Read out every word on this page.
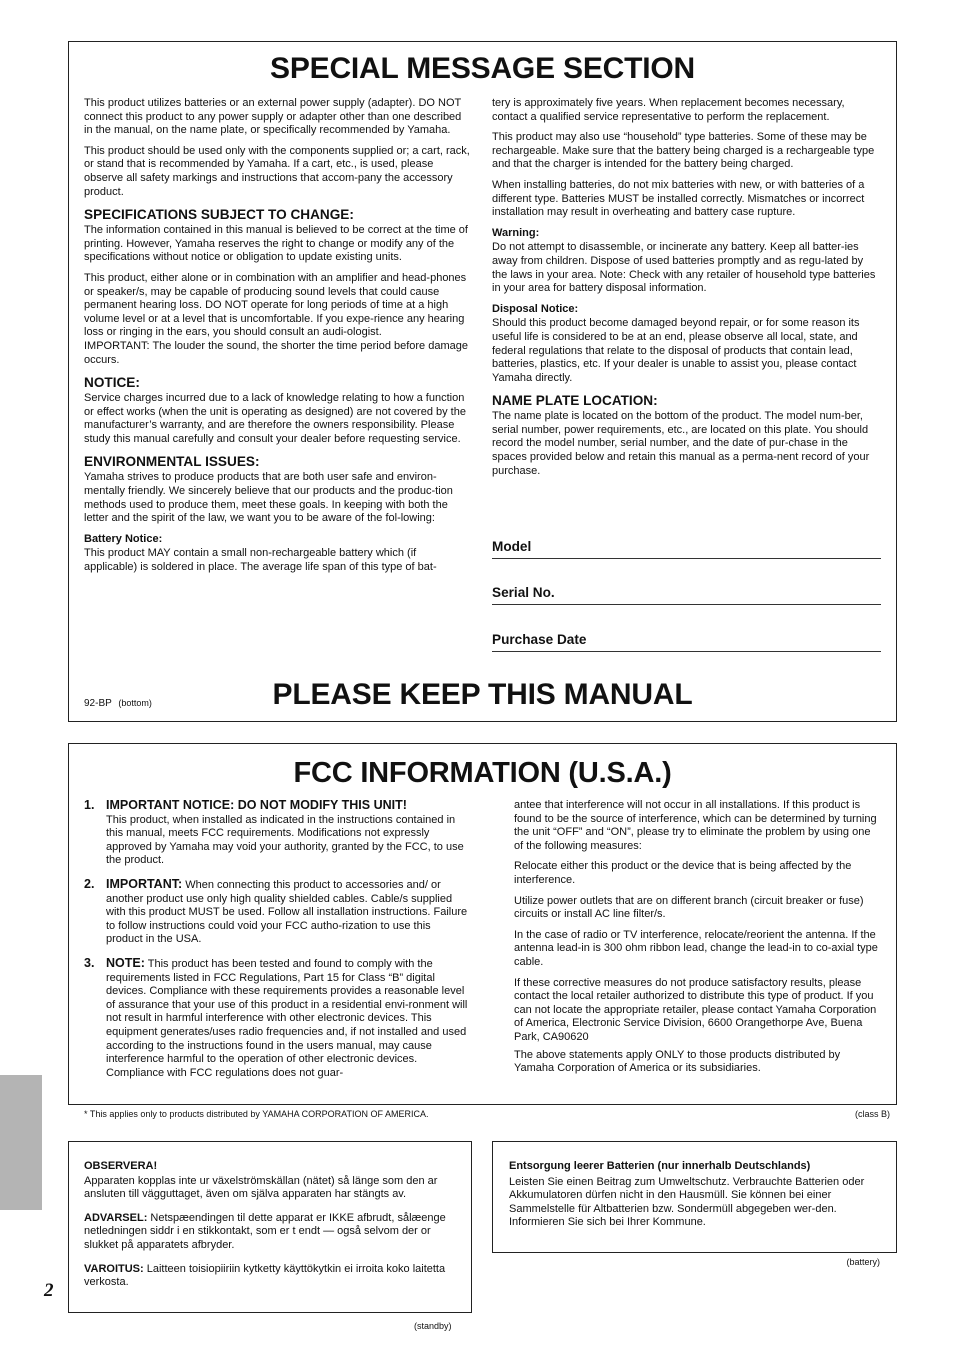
2
SPECIAL MESSAGE SECTION

This product utilizes batteries or an external power supply (adapter). DO NOT connect this product to any power supply or adapter other than one described in the manual, on the name plate, or specifically recommended by Yamaha.

This product should be used only with the components supplied or; a cart, rack, or stand that is recommended by Yamaha. If a cart, etc., is used, please observe all safety markings and instructions that accom-pany the accessory product.

SPECIFICATIONS SUBJECT TO CHANGE:

The information contained in this manual is believed to be correct at the time of printing. However, Yamaha reserves the right to change or modify any of the specifications without notice or obligation to update existing units.

This product, either alone or in combination with an amplifier and head-phones or speaker/s, may be capable of producing sound levels that could cause permanent hearing loss. DO NOT operate for long periods of time at a high volume level or at a level that is uncomfortable. If you expe-rience any hearing loss or ringing in the ears, you should consult an audi-ologist.

IMPORTANT: The louder the sound, the shorter the time period before damage occurs.

NOTICE:

Service charges incurred due to a lack of knowledge relating to how a function or effect works (when the unit is operating as designed) are not covered by the manufacturer’s warranty, and are therefore the owners responsibility. Please study this manual carefully and consult your dealer before requesting service.

ENVIRONMENTAL ISSUES:

Yamaha strives to produce products that are both user safe and environ-mentally friendly. We sincerely believe that our products and the produc-tion methods used to produce them, meet these goals. In keeping with both the letter and the spirit of the law, we want you to be aware of the fol-lowing:

Battery Notice:

This product MAY contain a small non-rechargeable battery which (if applicable) is soldered in place. The average life span of this type of bat-

tery is approximately five years. When replacement becomes necessary, contact a qualified service representative to perform the replacement.

This product may also use “household” type batteries. Some of these may be rechargeable. Make sure that the battery being charged is a rechargeable type and that the charger is intended for the battery being charged.

When installing batteries, do not mix batteries with new, or with batteries of a different type. Batteries MUST be installed correctly. Mismatches or incorrect installation may result in overheating and battery case rupture.

Warning:

Do not attempt to disassemble, or incinerate any battery. Keep all batter-ies away from children. Dispose of used batteries promptly and as regu-lated by the laws in your area. Note: Check with any retailer of household type batteries in your area for battery disposal information.

Disposal Notice:

Should this product become damaged beyond repair, or for some reason its useful life is considered to be at an end, please observe all local, state, and federal regulations that relate to the disposal of products that contain lead, batteries, plastics, etc. If your dealer is unable to assist you, please contact Yamaha directly.

NAME PLATE LOCATION:

The name plate is located on the bottom of the product. The model num-ber, serial number, power requirements, etc., are located on this plate. You should record the model number, serial number, and the date of pur-chase in the spaces provided below and retain this manual as a perma-nent record of your purchase.

Model
Serial No.
Purchase Date
92-BP (bottom)	PLEASE KEEP THIS MANUAL
FCC INFORMATION (U.S.A.)
1. IMPORTANT NOTICE: DO NOT MODIFY THIS UNIT!
This product, when installed as indicated in the instructions contained in this manual, meets FCC requirements. Modifications not expressly approved by Yamaha may void your authority, granted by the FCC, to use the product.
2. IMPORTANT: When connecting this product to accessories and/ or another product use only high quality shielded cables. Cable/s supplied with this product MUST be used. Follow all installation instructions. Failure to follow instructions could void your FCC autho-rization to use this product in the USA.
3. NOTE: This product has been tested and found to comply with the requirements listed in FCC Regulations, Part 15 for Class “B” digital devices. Compliance with these requirements provides a reasonable level of assurance that your use of this product in a residential envi-ronment will not result in harmful interference with other electronic devices. This equipment generates/uses radio frequencies and, if not installed and used according to the instructions found in the users manual, may cause interference harmful to the operation of other electronic devices. Compliance with FCC regulations does not guar-

antee that interference will not occur in all installations. If this product is found to be the source of interference, which can be determined by turning the unit “OFF” and “ON”, please try to eliminate the problem by using one of the following measures:

Relocate either this product or the device that is being affected by the interference.

Utilize power outlets that are on different branch (circuit breaker or fuse) circuits or install AC line filter/s.

In the case of radio or TV interference, relocate/reorient the antenna. If the antenna lead-in is 300 ohm ribbon lead, change the lead-in to co-axial type cable.

If these corrective measures do not produce satisfactory results, please contact the local retailer authorized to distribute this type of product. If you can not locate the appropriate retailer, please contact Yamaha Corporation of America, Electronic Service Division, 6600 Orangethorpe Ave, Buena Park, CA90620

The above statements apply ONLY to those products distributed by Yamaha Corporation of America or its subsidiaries.

* This applies only to products distributed by YAMAHA CORPORATION OF AMERICA.	(class B)
OBSERVERA!

Apparaten kopplas inte ur växelströmskällan (nätet) så länge som den ar ansluten till vägguttaget, även om själva apparaten har stängts av.

ADVARSEL: Netspæendingen til dette apparat er IKKE afbrudt, sålæenge netledningen siddr i en stikkontakt, som er t endt — også selvom der or slukket på apparatets afbryder.

VAROITUS: Laitteen toisiopiiriin kytketty käyttökytkin ei irroita koko laitetta verkosta.

(standby)
Entsorgung leerer Batterien (nur innerhalb Deutschlands)

Leisten Sie einen Beitrag zum Umweltschutz. Verbrauchte Batterien oder Akkumulatoren dürfen nicht in den Hausmüll. Sie können bei einer Sammelstelle für Altbatterien bzw. Sondermüll abgegeben wer-den. Informieren Sie sich bei Ihrer Kommune.

(battery)
